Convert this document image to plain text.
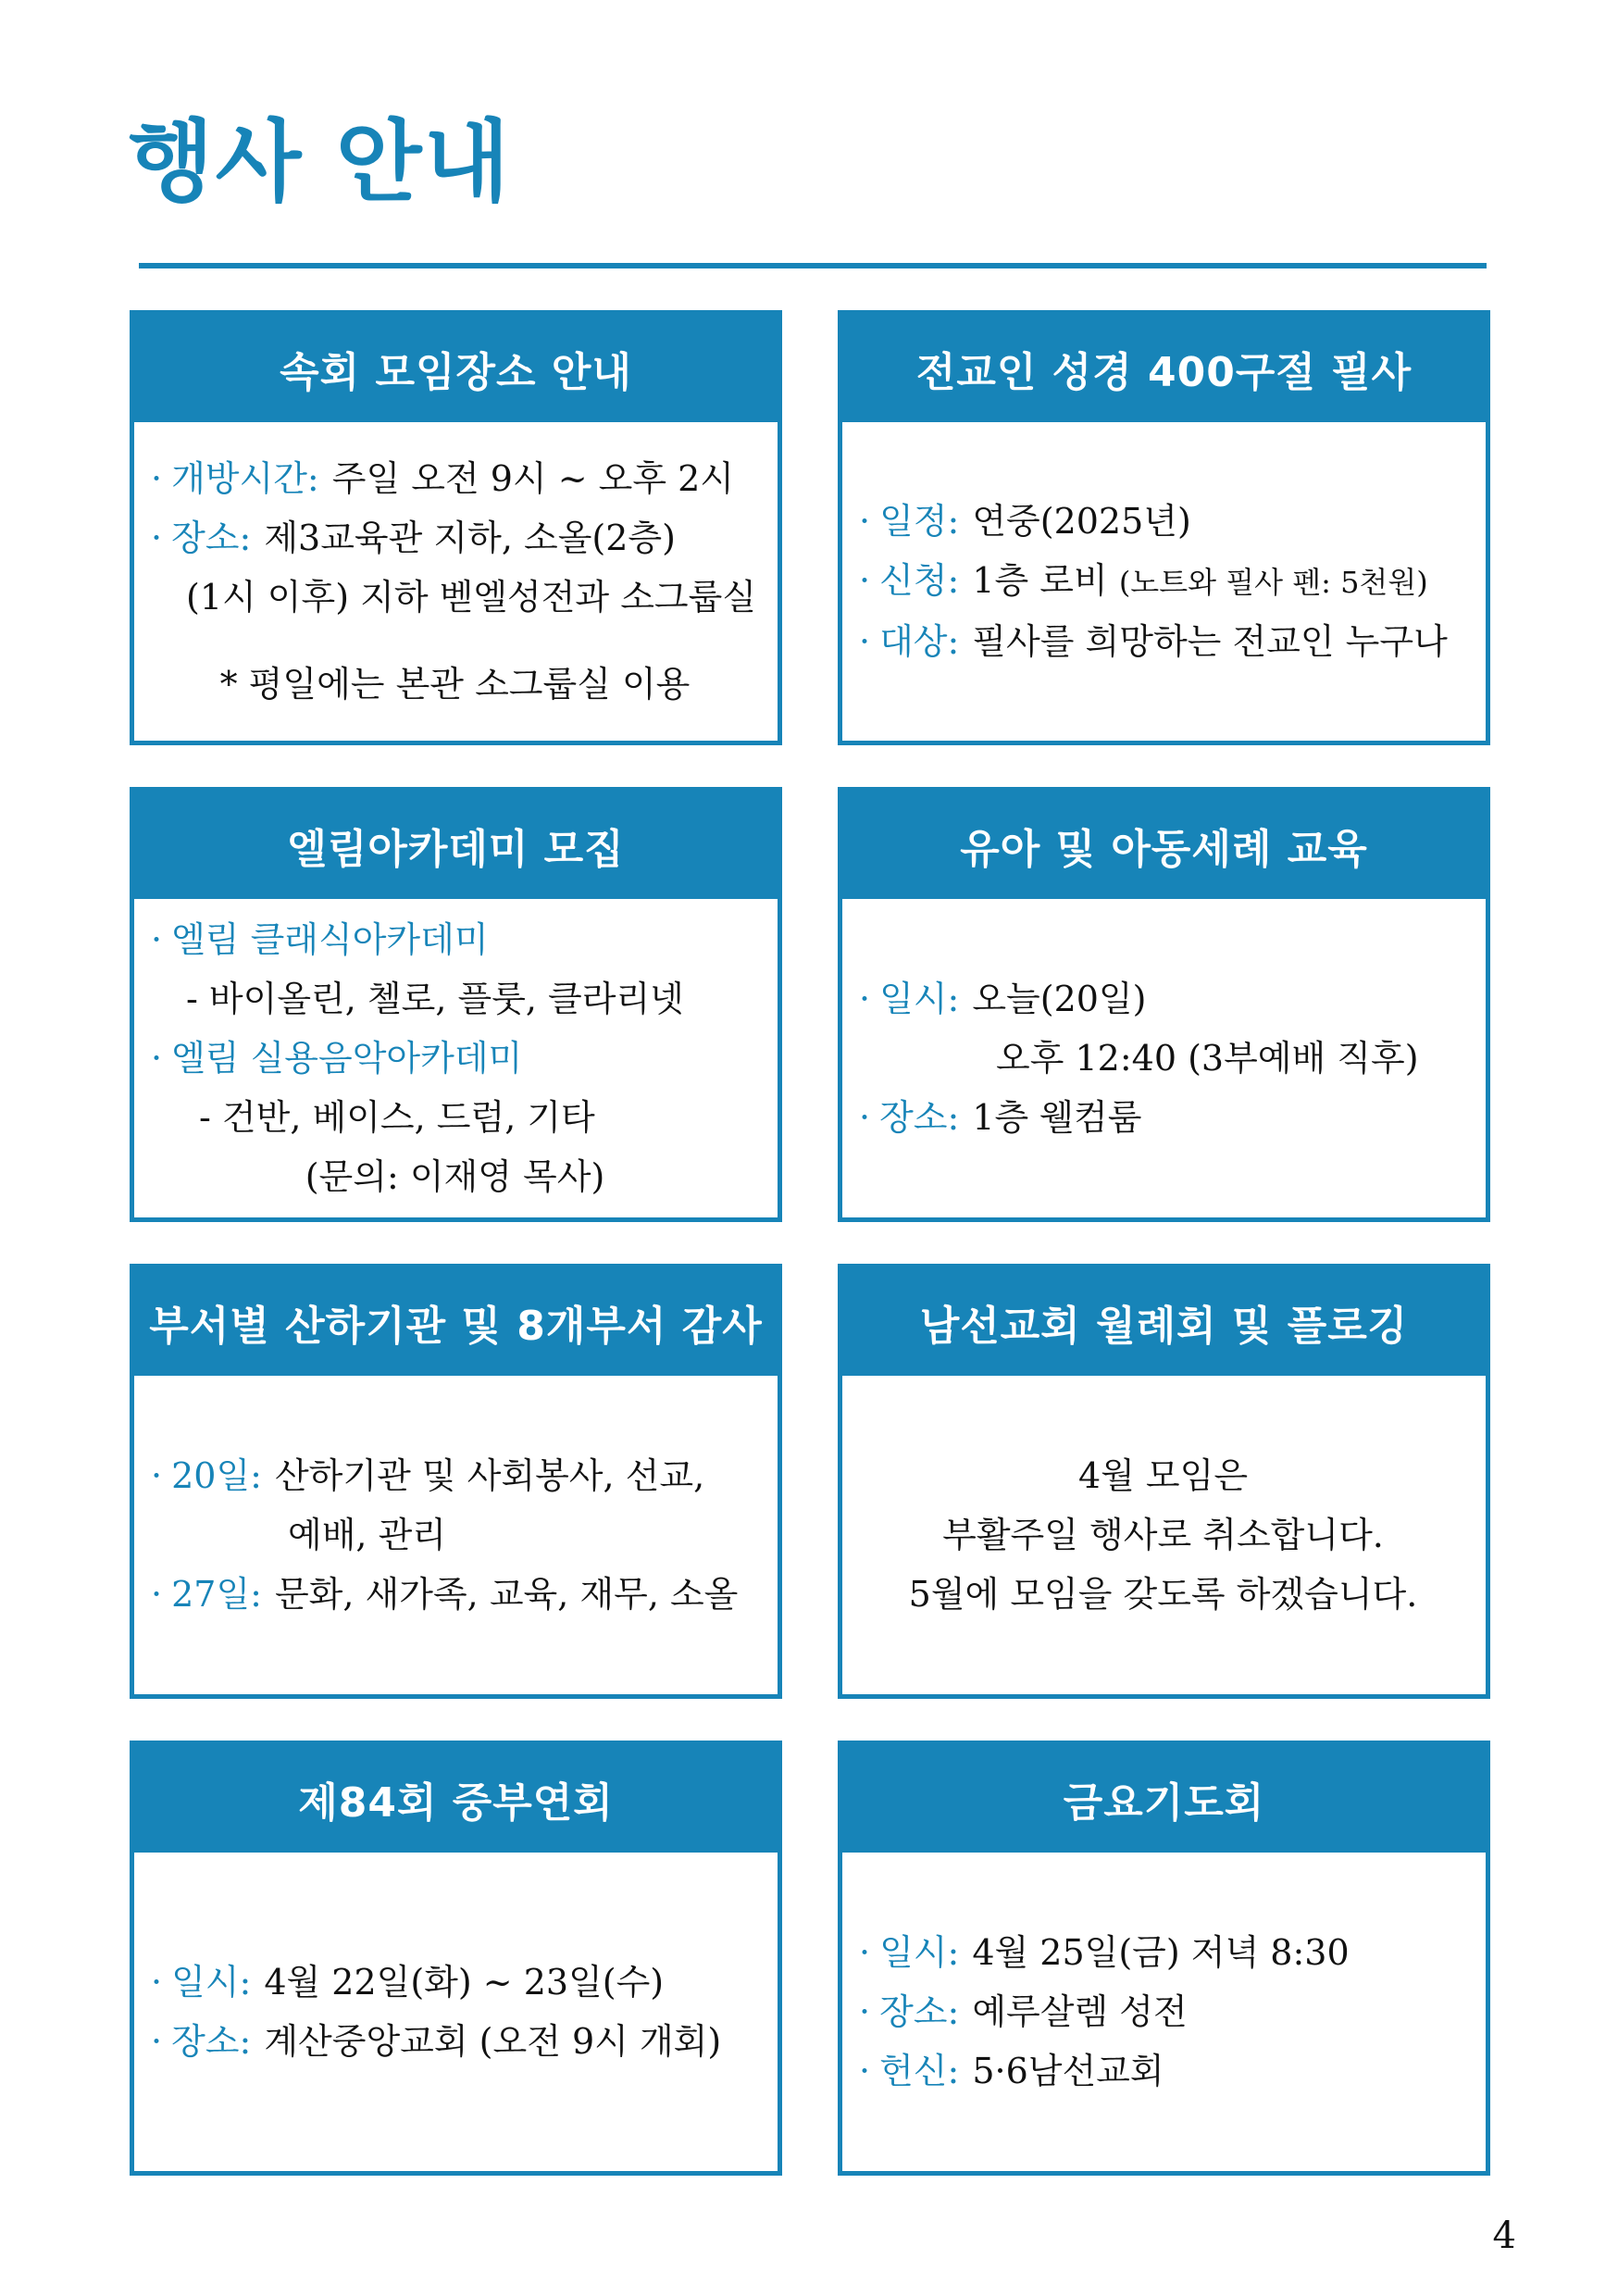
행사 안내
속회 모임장소 안내
· 개방시간: 주일 오전 9시 ~ 오후 2시
· 장소: 제3교육관 지하, 소올(2층)
(1시 이후) 지하 벧엘성전과 소그룹실
* 평일에는 본관 소그룹실 이용
전교인 성경 400구절 필사
· 일정: 연중(2025년)
· 신청: 1층 로비 (노트와 필사 펜: 5천원)
· 대상: 필사를 희망하는 전교인 누구나
엘림아카데미 모집
· 엘림 클래식아카데미
- 바이올린, 첼로, 플룻, 클라리넷
· 엘림 실용음악아카데미
- 건반, 베이스, 드럼, 기타
(문의: 이재영 목사)
유아 및 아동세례 교육
· 일시: 오늘(20일)
오후 12:40 (3부예배 직후)
· 장소: 1층 웰컴룸
부서별 산하기관 및 8개부서 감사
· 20일: 산하기관 및 사회봉사, 선교,
예배, 관리
· 27일: 문화, 새가족, 교육, 재무, 소올
남선교회 월례회 및 플로깅
4월 모임은
부활주일 행사로 취소합니다.
5월에 모임을 갖도록 하겠습니다.
제84회 중부연회
· 일시: 4월 22일(화) ~ 23일(수)
· 장소: 계산중앙교회 (오전 9시 개회)
금요기도회
· 일시: 4월 25일(금) 저녁 8:30
· 장소: 예루살렘 성전
· 헌신: 5·6남선교회
4
